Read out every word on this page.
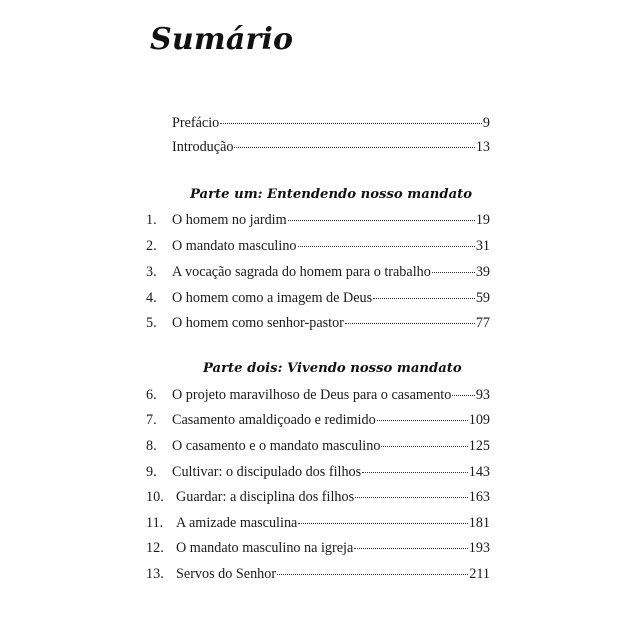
Sumário
Prefácio	9
Introdução	13
Parte um: Entendendo nosso mandato
1.	O homem no jardim	19
2.	O mandato masculino	31
3.	A vocação sagrada do homem para o trabalho	39
4.	O homem como a imagem de Deus	59
5.	O homem como senhor-pastor	77
Parte dois: Vivendo nosso mandato
6.	O projeto maravilhoso de Deus para o casamento 93
7.	Casamento amaldiçoado e redimido	109
8.	O casamento e o mandato masculino	125
9.	Cultivar: o discipulado dos filhos	143
10. Guardar: a disciplina dos filhos	163
11. A amizade masculina	181
12. O mandato masculino na igreja	193
13. Servos do Senhor	211
